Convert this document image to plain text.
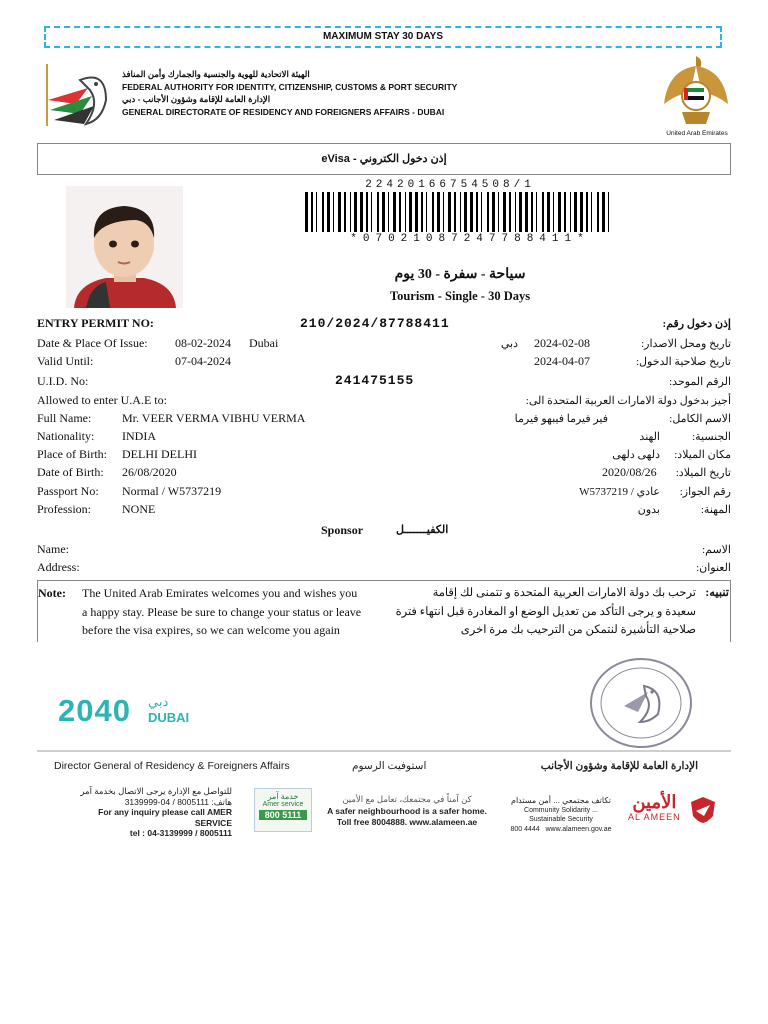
MAXIMUM STAY 30 DAYS
الهيئة الاتحادية للهوية والجنسية والجمارك وأمن المنافذ
FEDERAL AUTHORITY FOR IDENTITY, CITIZENSHIP, CUSTOMS & PORT SECURITY
الإدارة العامة للإقامة وشؤون الأجانب - دبي
GENERAL DIRECTORATE OF RESIDENCY AND FOREIGNERS AFFAIRS - DUBAI
United Arab Emirates
eVisa - إذن دخول الكتروني
22420166754508/1
*07021087247788411*
سياحة - سفرة - 30 يوم
Tourism - Single - 30 Days
ENTRY PERMIT NO:	210/2024/87788411	إذن دخول رقم:
Date & Place Of Issue: 08-02-2024 Dubai	دبي 2024-02-08	تاريخ ومحل الاصدار:
Valid Until:	07-04-2024	2024-04-07	تاريخ صلاحية الدخول:
U.I.D. No:	241475155	الرقم الموحد:
Allowed to enter U.A.E to:	أجيز بدخول دولة الامارات العربية المتحدة الى:
Full Name:	Mr. VEER VERMA VIBHU VERMA	فير فيرما فيبهو فيرما	الاسم الكامل:
Nationality: INDIA	الهند	الجنسية:
Place of Birth: DELHI DELHI	دلهى دلهى مكان الميلاد:
Date of Birth: 26/08/2020	2020/08/26 تاريخ الميلاد:
Passport No: Normal / W5737219	عادي / W5737219 رقم الجواز:
Profession:	NONE	بدون	المهنة:
Sponsor	الكفيـــــــل
Name:	الاسم:
Address:	العنوان:
Note: The United Arab Emirates welcomes you and wishes you
a happy stay. Please be sure to change your status or leave
before the visa expires, so we can welcome you again
ترحب بك دولة الامارات العربية المتحدة و تتمنى لك إقامة
سعيدة و يرجى التأكد من تعديل الوضع او المغادرة قبل انتهاء فترة
صلاحية التأشيرة لنتمكن من الترحيب بك مرة اخرى
تنبيه:
2040 دبي
DUBAI
Director General of Residency & Foreigners Affairs	استوفيت الرسوم	الإدارة العامة للإقامة وشؤون الأجانب
للتواصل مع الإدارة يرجى الاتصال بخدمة آمر
هاتف: 8005111 / 04-3139999
For any inquiry please call AMER SERVICE
tel : 04-3139999 / 8005111
خدمة آمر
Amer service
800 5111
كن آمناً في مجتمعك، تعامل مع الأمين
A safer neighbourhood is a safer home.
Toll free 8004888. www.alameen.ae
تكاتف مجتمعي ... أمن مستدام
Community Solidarity ... Sustainable Security
800 4444 www.alameen.gov.ae
الأمين
AL AMEEN
